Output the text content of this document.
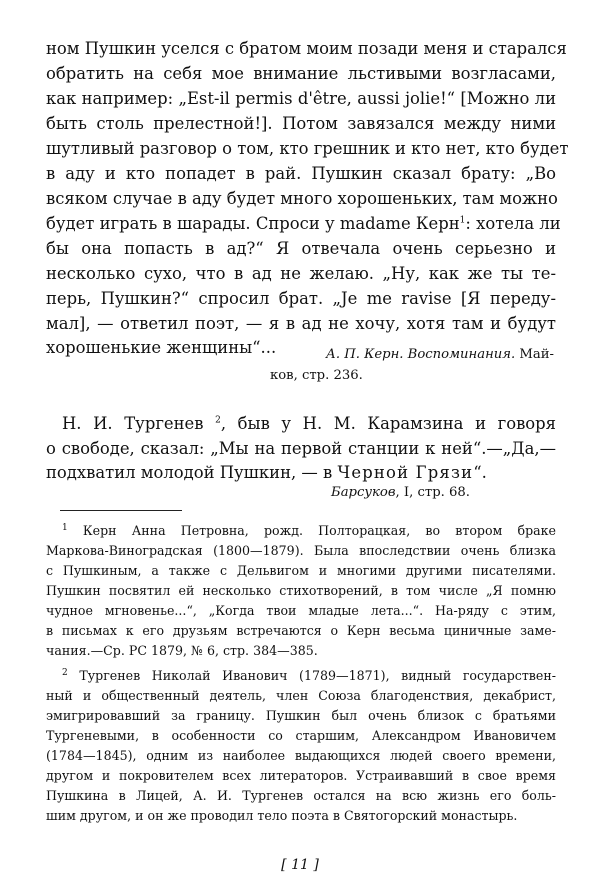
ном Пушкин уселся с братом моим позади меня и старался
обратить на себя мое внимание льстивыми возгласами,
как например: „Est-il permis d'être, aussi jolie!“ [Можно ли
быть столь прелестной!]. Потом завязался между ними
шутливый разговор о том, кто грешник и кто нет, кто будет
в аду и кто попадет в рай. Пушкин сказал брату: „Во
всяком случае в аду будет много хорошеньких, там можно
будет играть в шарады. Спроси у madame Керн$^1$: хотела ли
бы она попасть в ад?“ Я отвечала очень серьезно и
несколько сухо, что в ад не желаю. „Ну, как же ты те-
перь, Пушкин?“ спросил брат. „Je me ravise [Я переду-
мал], — ответил поэт, — я в ад не хочу, хотя там и будут
хорошенькие женщины“...	А. П. Керн. Воспоминания. Май-
ков, стр. 236.
Н. И. Тургенев $^2$, быв у Н. М. Карамзина и говоря
о свободе, сказал: „Мы на первой станции к ней“.—„Да,—
подхватил молодой Пушкин, — в Черной Грязи“.
Барсуков, I, стр. 68.
$^1$ Керн Анна Петровна, рожд. Полторацкая, во втором браке
Маркова-Виноградская (1800—1879). Была впоследствии очень близка
с Пушкиным, а также с Дельвигом и многими другими писателями.
Пушкин посвятил ей несколько стихотворений, в том числе „Я помню
чудное мгновенье...“, „Когда твои младые лета...“. На-ряду с этим,
в письмах к его друзьям встречаются о Керн весьма циничные заме-
чания.—Ср. PC 1879, № 6, стр. 384—385.
$^2$ Тургенев Николай Иванович (1789—1871), видный государствен-
ный и общественный деятель, член Союза благоденствия, декабрист,
эмигрировавший за границу. Пушкин был очень близок с братьями
Тургеневыми, в особенности со старшим, Александром Ивановичем
(1784—1845), одним из наиболее выдающихся людей своего времени,
другом и покровителем всех литераторов. Устраивавший в свое время
Пушкина в Лицей, А. И. Тургенев остался на всю жизнь его боль-
шим другом, и он же проводил тело поэта в Святогорский монастырь.
[ 11 ]
